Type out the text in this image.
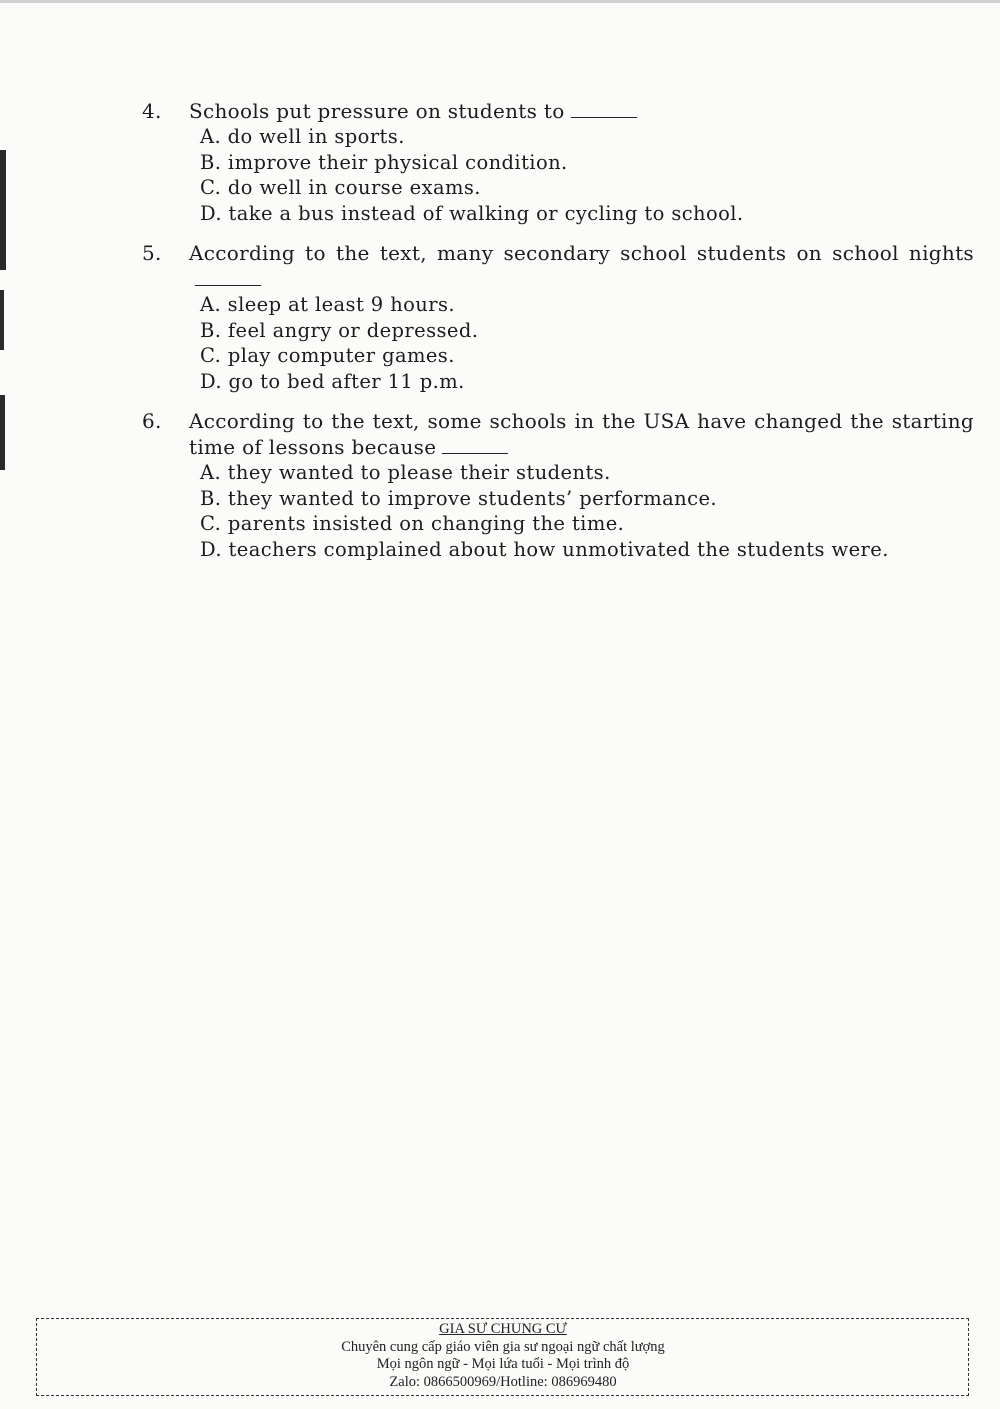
4.	Schools put pressure on students to
A. do well in sports.
B. improve their physical condition.
C. do well in course exams.
D. take a bus instead of walking or cycling to school.
5.	According to the text, many secondary school students on school nights
A. sleep at least 9 hours.
B. feel angry or depressed.
C. play computer games.
D. go to bed after 11 p.m.
6.	According to the text, some schools in the USA have changed the starting time of lessons because
A. they wanted to please their students.
B. they wanted to improve students’ performance.
C. parents insisted on changing the time.
D. teachers complained about how unmotivated the students were.
GIA SƯ CHUNG CƯ
Chuyên cung cấp giáo viên gia sư ngoại ngữ chất lượng
Mọi ngôn ngữ - Mọi lứa tuổi - Mọi trình độ
Zalo: 0866500969/Hotline: 086969480
